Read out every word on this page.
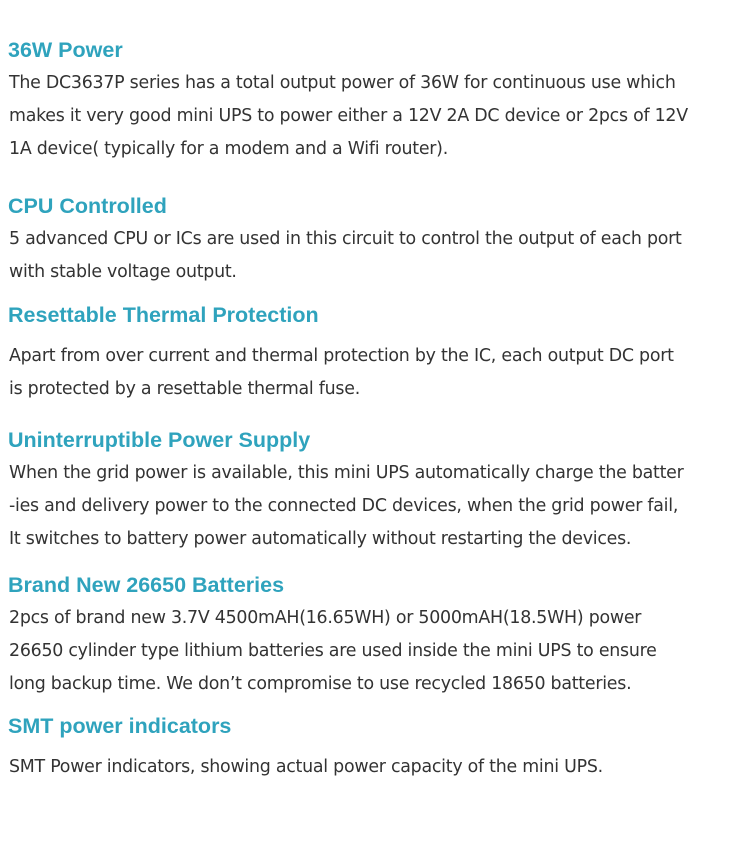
36W Power

The DC3637P series has a total output power of 36W for continuous use which
makes it very good mini UPS to power either a 12V 2A DC device or 2pcs of 12V
1A device( typically for a modem and a Wifi router).

CPU Controlled

5 advanced CPU or ICs are used in this circuit to control the output of each port
with stable voltage output.

Resettable Thermal Protection

Apart from over current and thermal protection by the IC, each output DC port
is protected by a resettable thermal fuse.

Uninterruptible Power Supply

When the grid power is available, this mini UPS automatically charge the batter
-ies and delivery power to the connected DC devices, when the grid power fail,
It switches to battery power automatically without restarting the devices.

Brand New 26650 Batteries

2pcs of brand new 3.7V 4500mAH(16.65WH) or 5000mAH(18.5WH) power
26650 cylinder type lithium batteries are used inside the mini UPS to ensure
long backup time. We don’t compromise to use recycled 18650 batteries.

SMT power indicators

SMT Power indicators, showing actual power capacity of the mini UPS.
